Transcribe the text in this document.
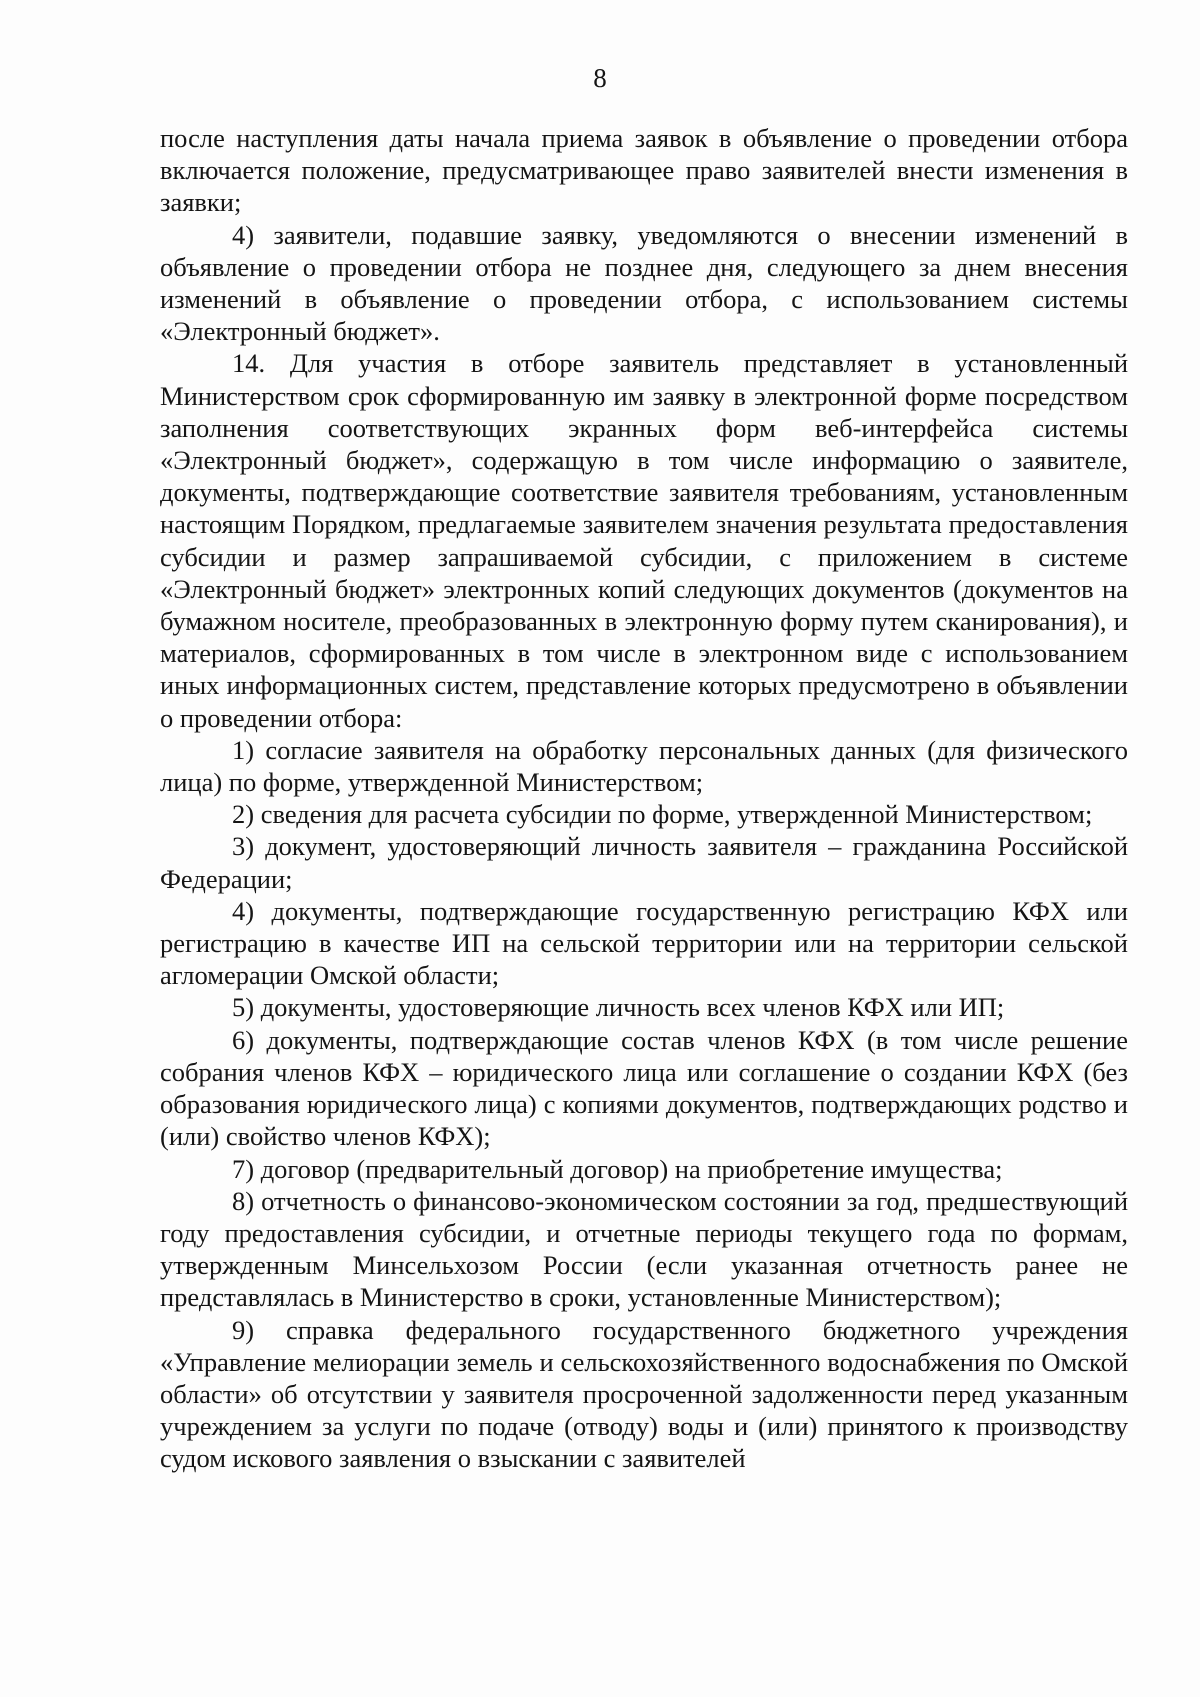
8

после наступления даты начала приема заявок в объявление о проведении отбора включается положение, предусматривающее право заявителей внести изменения в заявки;

4) заявители, подавшие заявку, уведомляются о внесении изменений в объявление о проведении отбора не позднее дня, следующего за днем внесения изменений в объявление о проведении отбора, с использованием системы «Электронный бюджет».

14. Для участия в отборе заявитель представляет в установленный Министерством срок сформированную им заявку в электронной форме посредством заполнения соответствующих экранных форм веб-интерфейса системы «Электронный бюджет», содержащую в том числе информацию о заявителе, документы, подтверждающие соответствие заявителя требованиям, установленным настоящим Порядком, предлагаемые заявителем значения результата предоставления субсидии и размер запрашиваемой субсидии, с приложением в системе «Электронный бюджет» электронных копий следующих документов (документов на бумажном носителе, преобразованных в электронную форму путем сканирования), и материалов, сформированных в том числе в электронном виде с использованием иных информационных систем, представление которых предусмотрено в объявлении о проведении отбора:

1) согласие заявителя на обработку персональных данных (для физического лица) по форме, утвержденной Министерством;

2) сведения для расчета субсидии по форме, утвержденной Министерством;

3) документ, удостоверяющий личность заявителя – гражданина Российской Федерации;

4) документы, подтверждающие государственную регистрацию КФХ или регистрацию в качестве ИП на сельской территории или на территории сельской агломерации Омской области;

5) документы, удостоверяющие личность всех членов КФХ или ИП;

6) документы, подтверждающие состав членов КФХ (в том числе решение собрания членов КФХ – юридического лица или соглашение о создании КФХ (без образования юридического лица) с копиями документов, подтверждающих родство и (или) свойство членов КФХ);

7) договор (предварительный договор) на приобретение имущества;

8) отчетность о финансово-экономическом состоянии за год, предшествующий году предоставления субсидии, и отчетные периоды текущего года по формам, утвержденным Минсельхозом России (если указанная отчетность ранее не представлялась в Министерство в сроки, установленные Министерством);

9) справка федерального государственного бюджетного учреждения «Управление мелиорации земель и сельскохозяйственного водоснабжения по Омской области» об отсутствии у заявителя просроченной задолженности перед указанным учреждением за услуги по подаче (отводу) воды и (или) принятого к производству судом искового заявления о взыскании с заявителей
